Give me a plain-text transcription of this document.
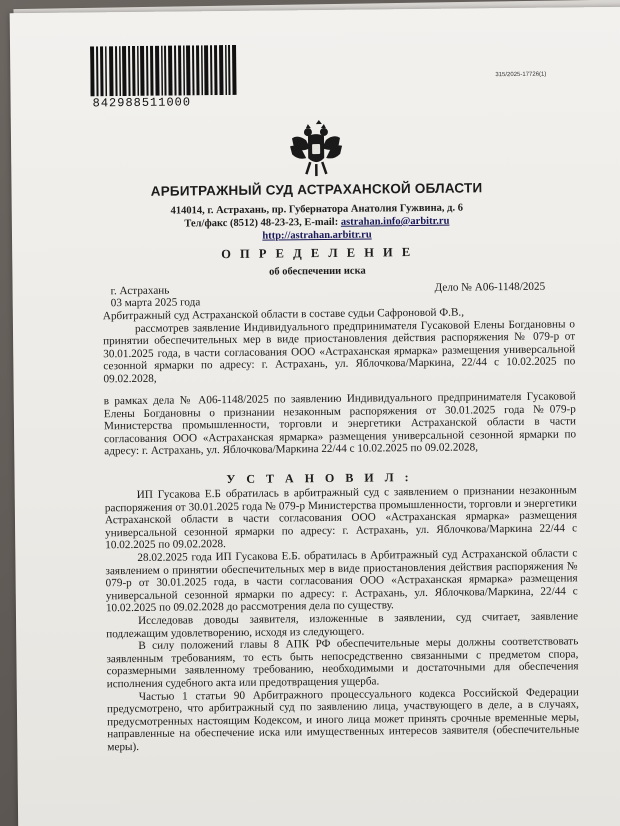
842988511000
315/2025-17726(1)
АРБИТРАЖНЫЙ СУД АСТРАХАНСКОЙ ОБЛАСТИ
414014, г. Астрахань, пр. Губернатора Анатолия Гужвина, д. 6
Тел/факс (8512) 48-23-23, E-mail: astrahan.info@arbitr.ru
http://astrahan.arbitr.ru
О П Р Е Д Е Л Е Н И Е
об обеспечении иска
г. Астрахань	Дело № А06-1148/2025
03 марта 2025 года

Арбитражный суд Астраханской области в составе судьи Сафроновой Ф.В.,

рассмотрев заявление Индивидуального предпринимателя Гусаковой Елены Богдановны о принятии обеспечительных мер в виде приостановления действия распоряжения № 079-р от 30.01.2025 года, в части согласования ООО «Астраханская ярмарка» размещения универсальной сезонной ярмарки по адресу: г. Астрахань, ул. Яблочкова/Маркина, 22/44 с 10.02.2025 по 09.02.2028,

в рамках дела № А06-1148/2025 по заявлению Индивидуального предпринимателя Гусаковой Елены Богдановны о признании незаконным распоряжения от 30.01.2025 года №079-р Министерства промышленности, торговли и энергетики Астраханской области в части согласования ООО «Астраханская ярмарка» размещения универсальной сезонной ярмарки по адресу: г. Астрахань, ул. Яблочкова/Маркина 22/44 с 10.02.2025 по 09.02.2028,

У С Т А Н О В И Л :

ИП Гусакова Е.Б обратилась в арбитражный суд с заявлением о признании незаконным распоряжения от 30.01.2025 года № 079-р Министерства промышленности, торговли и энергетики Астраханской области в части согласования ООО «Астраханская ярмарка» размещения универсальной сезонной ярмарки по адресу: г. Астрахань, ул. Яблочкова/Маркина 22/44 с 10.02.2025 по 09.02.2028.

28.02.2025 года ИП Гусакова Е.Б. обратилась в Арбитражный суд Астраханской области с заявлением о принятии обеспечительных мер в виде приостановления действия распоряжения № 079-р от 30.01.2025 года, в части согласования ООО «Астраханская ярмарка» размещения универсальной сезонной ярмарки по адресу: г. Астрахань, ул. Яблочкова/Маркина, 22/44 с 10.02.2025 по 09.02.2028 до рассмотрения дела по существу.

Исследовав доводы заявителя, изложенные в заявлении, суд считает, заявление подлежащим удовлетворению, исходя из следующего.

В силу положений главы 8 АПК РФ обеспечительные меры должны соответствовать заявленным требованиям, то есть быть непосредственно связанными с предметом спора, соразмерными заявленному требованию, необходимыми и достаточными для обеспечения исполнения судебного акта или предотвращения ущерба.

Частью 1 статьи 90 Арбитражного процессуального кодекса Российской Федерации предусмотрено, что арбитражный суд по заявлению лица, участвующего в деле, а в случаях, предусмотренных настоящим Кодексом, и иного лица может принять срочные временные меры, направленные на обеспечение иска или имущественных интересов заявителя (обеспечительные меры).
